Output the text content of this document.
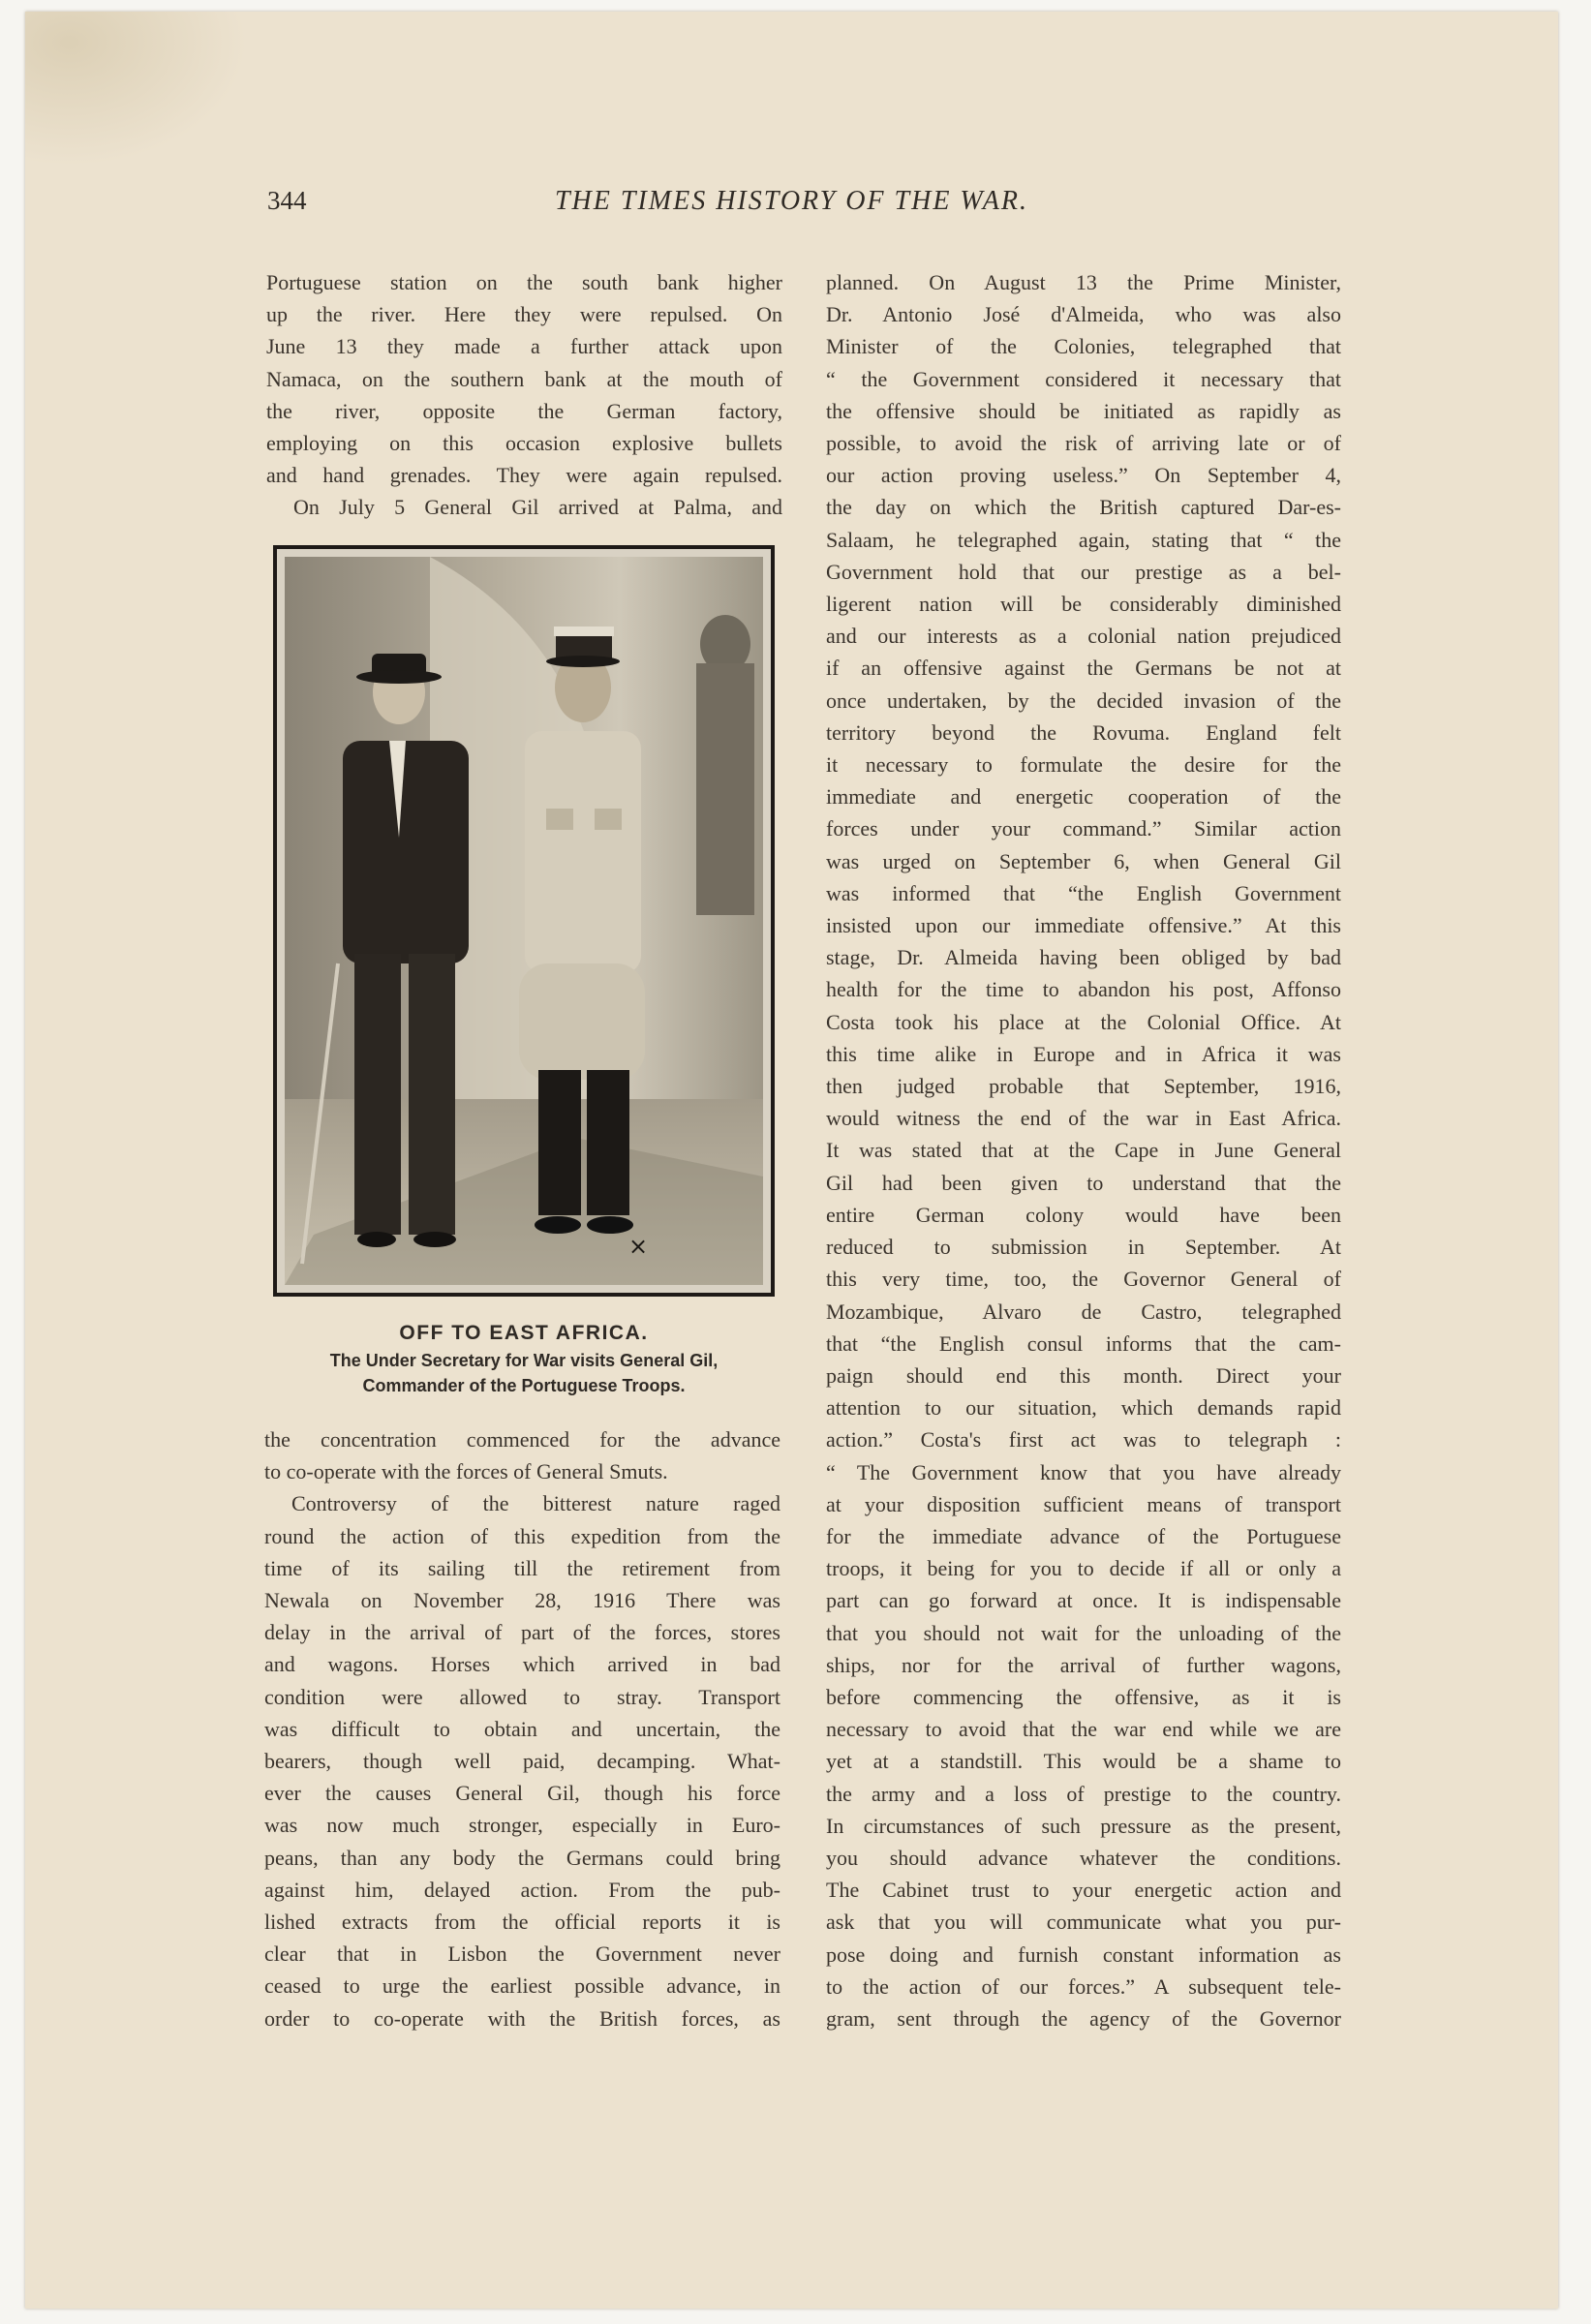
344	THE TIMES HISTORY OF THE WAR.
Portuguese station on the south bank higher
up the river. Here they were repulsed. On
June 13 they made a further attack upon
Namaca, on the southern bank at the mouth of
the river, opposite the German factory,
employing on this occasion explosive bullets
and hand grenades. They were again repulsed.
On July 5 General Gil arrived at Palma, and
×
OFF TO EAST AFRICA.
The Under Secretary for War visits General Gil,
Commander of the Portuguese Troops.
the concentration commenced for the advance
to co-operate with the forces of General Smuts.
Controversy of the bitterest nature raged
round the action of this expedition from the
time of its sailing till the retirement from
Newala on November 28, 1916 There was
delay in the arrival of part of the forces, stores
and wagons. Horses which arrived in bad
condition were allowed to stray. Transport
was difficult to obtain and uncertain, the
bearers, though well paid, decamping. What-
ever the causes General Gil, though his force
was now much stronger, especially in Euro-
peans, than any body the Germans could bring
against him, delayed action. From the pub-
lished extracts from the official reports it is
clear that in Lisbon the Government never
ceased to urge the earliest possible advance, in
order to co-operate with the British forces, as
planned. On August 13 the Prime Minister,
Dr. Antonio José d'Almeida, who was also
Minister of the Colonies, telegraphed that
“ the Government considered it necessary that
the offensive should be initiated as rapidly as
possible, to avoid the risk of arriving late or of
our action proving useless.” On September 4,
the day on which the British captured Dar-es-
Salaam, he telegraphed again, stating that “ the
Government hold that our prestige as a bel-
ligerent nation will be considerably diminished
and our interests as a colonial nation prejudiced
if an offensive against the Germans be not at
once undertaken, by the decided invasion of the
territory beyond the Rovuma. England felt
it necessary to formulate the desire for the
immediate and energetic cooperation of the
forces under your command.” Similar action
was urged on September 6, when General Gil
was informed that “the English Government
insisted upon our immediate offensive.” At this
stage, Dr. Almeida having been obliged by bad
health for the time to abandon his post, Affonso
Costa took his place at the Colonial Office. At
this time alike in Europe and in Africa it was
then judged probable that September, 1916,
would witness the end of the war in East Africa.
It was stated that at the Cape in June General
Gil had been given to understand that the
entire German colony would have been
reduced to submission in September. At
this very time, too, the Governor General of
Mozambique, Alvaro de Castro, telegraphed
that “the English consul informs that the cam-
paign should end this month. Direct your
attention to our situation, which demands rapid
action.” Costa's first act was to telegraph :
“ The Government know that you have already
at your disposition sufficient means of transport
for the immediate advance of the Portuguese
troops, it being for you to decide if all or only a
part can go forward at once. It is indispensable
that you should not wait for the unloading of the
ships, nor for the arrival of further wagons,
before commencing the offensive, as it is
necessary to avoid that the war end while we are
yet at a standstill. This would be a shame to
the army and a loss of prestige to the country.
In circumstances of such pressure as the present,
you should advance whatever the conditions.
The Cabinet trust to your energetic action and
ask that you will communicate what you pur-
pose doing and furnish constant information as
to the action of our forces.” A subsequent tele-
gram, sent through the agency of the Governor
